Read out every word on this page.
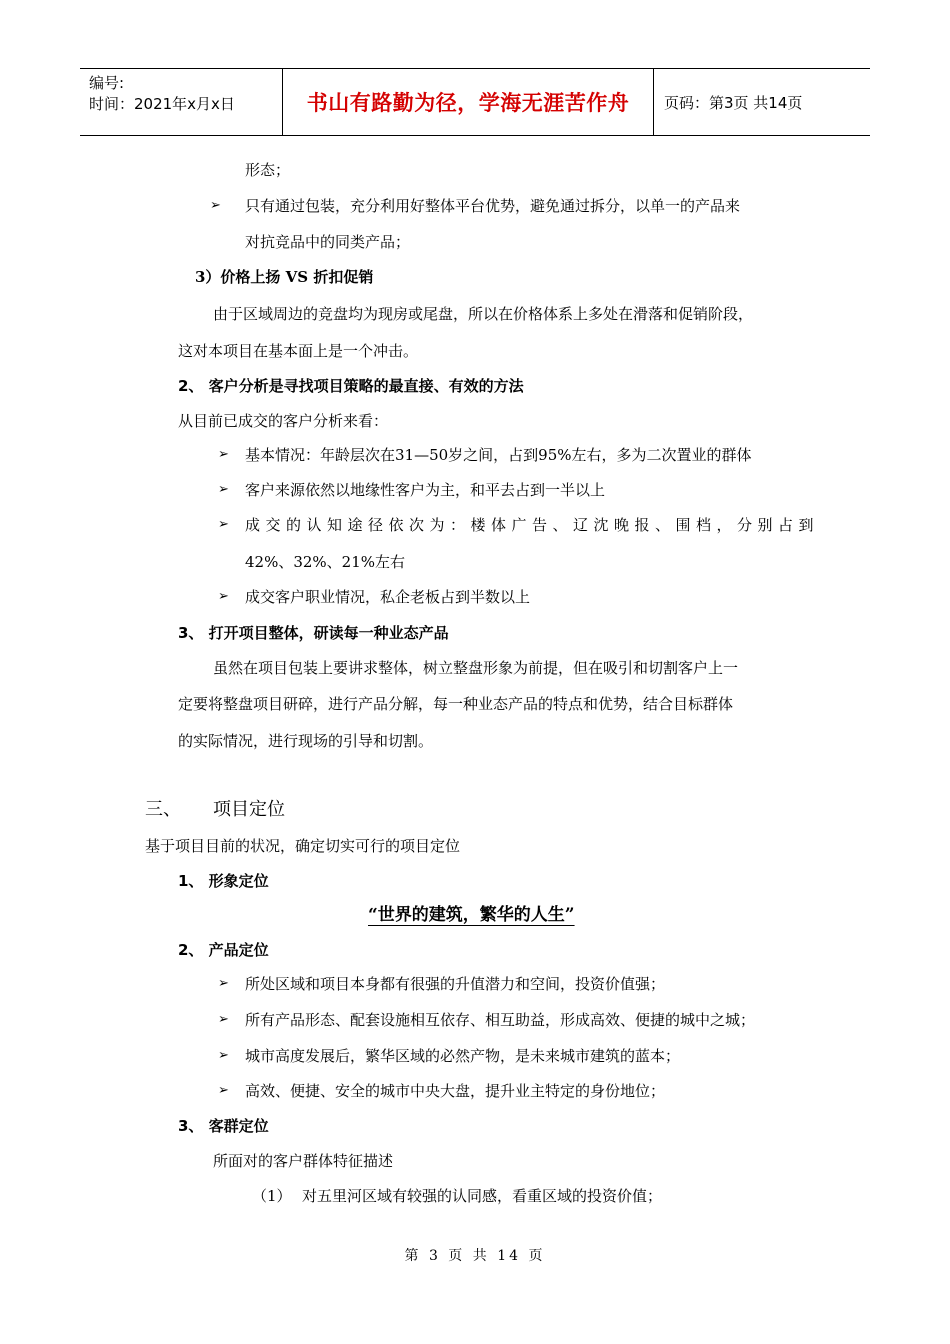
编号:
时间：2021年x月x日	书山有路勤为径，学海无涯苦作舟	页码：第3页 共14页
形态；
➢ 只有通过包装，充分利用好整体平台优势，避免通过拆分，以单一的产品来
对抗竞品中的同类产品；
3）价格上扬 VS 折扣促销
由于区域周边的竞盘均为现房或尾盘，所以在价格体系上多处在滑落和促销阶段，
这对本项目在基本面上是一个冲击。
2、 客户分析是寻找项目策略的最直接、有效的方法
从目前已成交的客户分析来看：
➢ 基本情况：年龄层次在31—50岁之间，占到95%左右，多为二次置业的群体
➢ 客户来源依然以地缘性客户为主，和平去占到一半以上
➢ 成交的认知途径依次为：楼体广告、辽沈晚报、围档，分别占到
42%、32%、21%左右
➢ 成交客户职业情况，私企老板占到半数以上
3、 打开项目整体，研读每一种业态产品
虽然在项目包装上要讲求整体，树立整盘形象为前提，但在吸引和切割客户上一
定要将整盘项目研碎，进行产品分解，每一种业态产品的特点和优势，结合目标群体
的实际情况，进行现场的引导和切割。
三、 项目定位
基于项目目前的状况，确定切实可行的项目定位
1、 形象定位
“世界的建筑，繁华的人生”
2、 产品定位
➢ 所处区域和项目本身都有很强的升值潜力和空间，投资价值强；
➢ 所有产品形态、配套设施相互依存、相互助益，形成高效、便捷的城中之城；
➢ 城市高度发展后，繁华区域的必然产物，是未来城市建筑的蓝本；
➢ 高效、便捷、安全的城市中央大盘，提升业主特定的身份地位；
3、 客群定位
所面对的客户群体特征描述
（1） 对五里河区域有较强的认同感，看重区域的投资价值；
第 3 页 共 14 页
